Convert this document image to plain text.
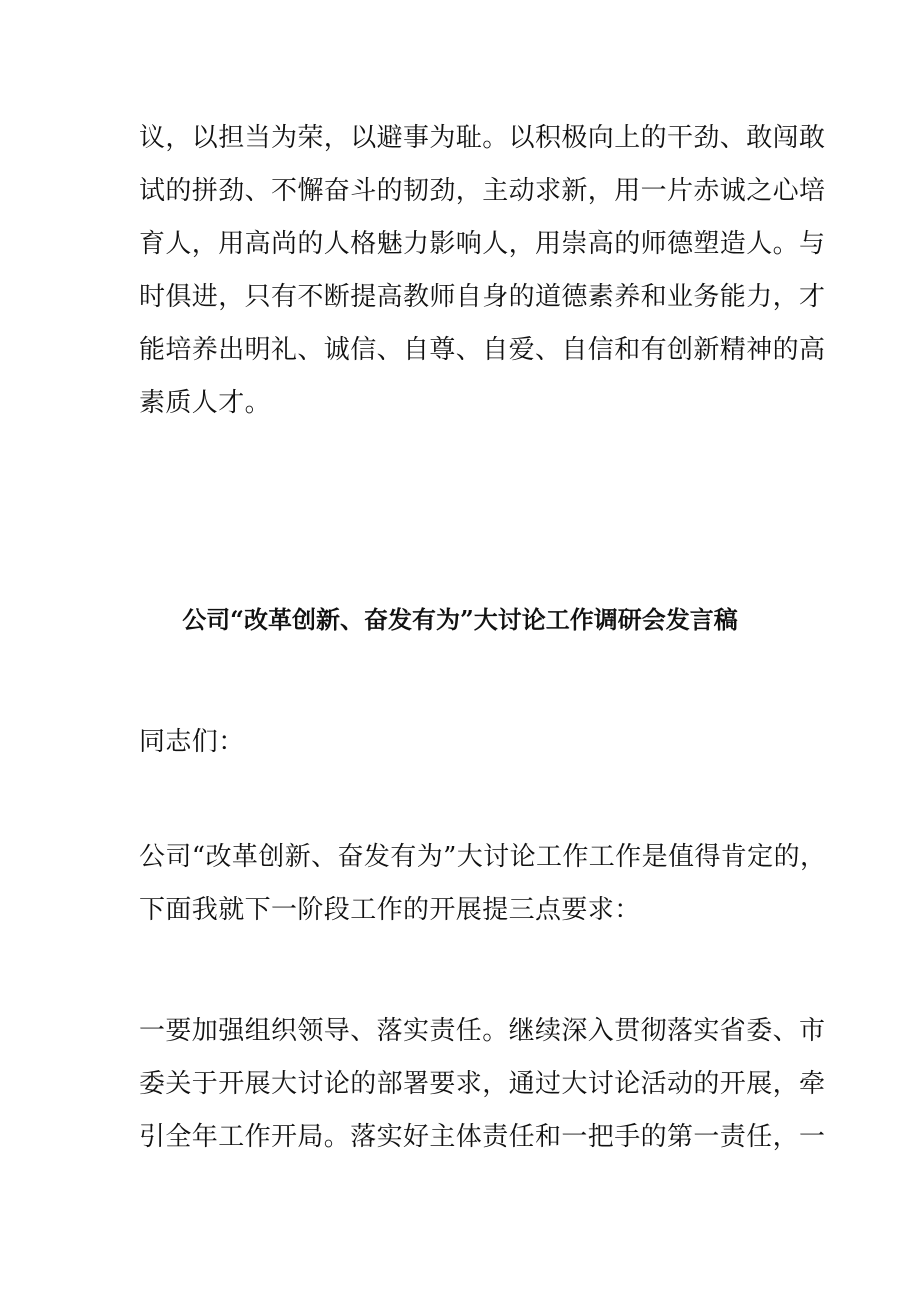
议，以担当为荣，以避事为耻。以积极向上的干劲、敢闯敢
试的拼劲、不懈奋斗的韧劲，主动求新，用一片赤诚之心培
育人，用高尚的人格魅力影响人，用崇高的师德塑造人。与
时俱进，只有不断提高教师自身的道德素养和业务能力，才
能培养出明礼、诚信、自尊、自爱、自信和有创新精神的高
素质人才。
公司“改革创新、奋发有为”大讨论工作调研会发言稿
同志们：
公司“改革创新、奋发有为”大讨论工作工作是值得肯定的，
下面我就下一阶段工作的开展提三点要求：
一要加强组织领导、落实责任。继续深入贯彻落实省委、市
委关于开展大讨论的部署要求，通过大讨论活动的开展，牵
引全年工作开局。落实好主体责任和一把手的第一责任，一
